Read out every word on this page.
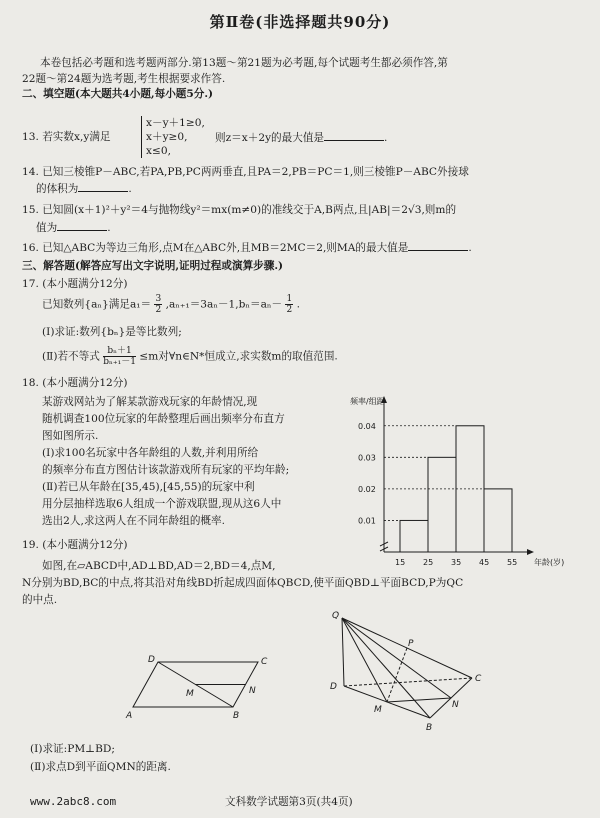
第Ⅱ卷(非选择题共90分)
本卷包括必考题和选考题两部分.第13题～第21题为必考题,每个试题考生都必须作答,第
22题～第24题为选考题,考生根据要求作答.
二、填空题(本大题共4小题,每小题5分.)
13. 若实数x,y满足
x－y＋1≥0,
x＋y≥0,
x≤0,
则z＝x＋2y的最大值是	.
14. 已知三棱锥P－ABC,若PA,PB,PC两两垂直,且PA＝2,PB＝PC＝1,则三棱锥P－ABC外接球
的体积为	.
15. 已知圆(x＋1)²＋y²＝4与抛物线y²＝mx(m≠0)的准线交于A,B两点,且|AB|＝2√3,则m的
值为	.
16. 已知△ABC为等边三角形,点M在△ABC外,且MB＝2MC＝2,则MA的最大值是	.
三、解答题(解答应写出文字说明,证明过程或演算步骤.)
17. (本小题满分12分)
已知数列{aₙ}满足$a_1= \frac{3}{2} ,a_{n+1}=3a_n-1,b_n=a_n- \frac{1}{2}$ .
(Ⅰ)求证:数列{bₙ}是等比数列;
(Ⅱ)若不等式 $\frac{\text{bₙ＋1}}{\text{bₙ₊₁－1}} \le m$对∀n∈N*恒成立,求实数m的取值范围.
18. (本小题满分12分)
某游戏网站为了解某款游戏玩家的年龄情况,现
随机调查100位玩家的年龄整理后画出频率分布直方
图如图所示.
(Ⅰ)求100名玩家中各年龄组的人数,并利用所给
的频率分布直方图估计该款游戏所有玩家的平均年龄;
(Ⅱ)若已从年龄在[35,45),[45,55)的玩家中利
用分层抽样选取6人组成一个游戏联盟,现从这6人中
选出2人,求这两人在不同年龄组的概率.
频率/组距
年龄(岁)
0.01
0.02
0.03
0.04
15 25 35 45 55
19. (本小题满分12分)
如图,在▱ABCD中,AD⊥BD,AD＝2,BD＝4,点M,
N分别为BD,BC的中点,将其沿对角线BD折起成四面体QBCD,使平面QBD⊥平面BCD,P为QC
的中点.
D	C
A	B
M	N
Q
P
C
D
M	N
B
(Ⅰ)求证:PM⊥BD;
(Ⅱ)求点D到平面QMN的距离.
www.2abc8.com	文科数学试题第3页(共4页)
